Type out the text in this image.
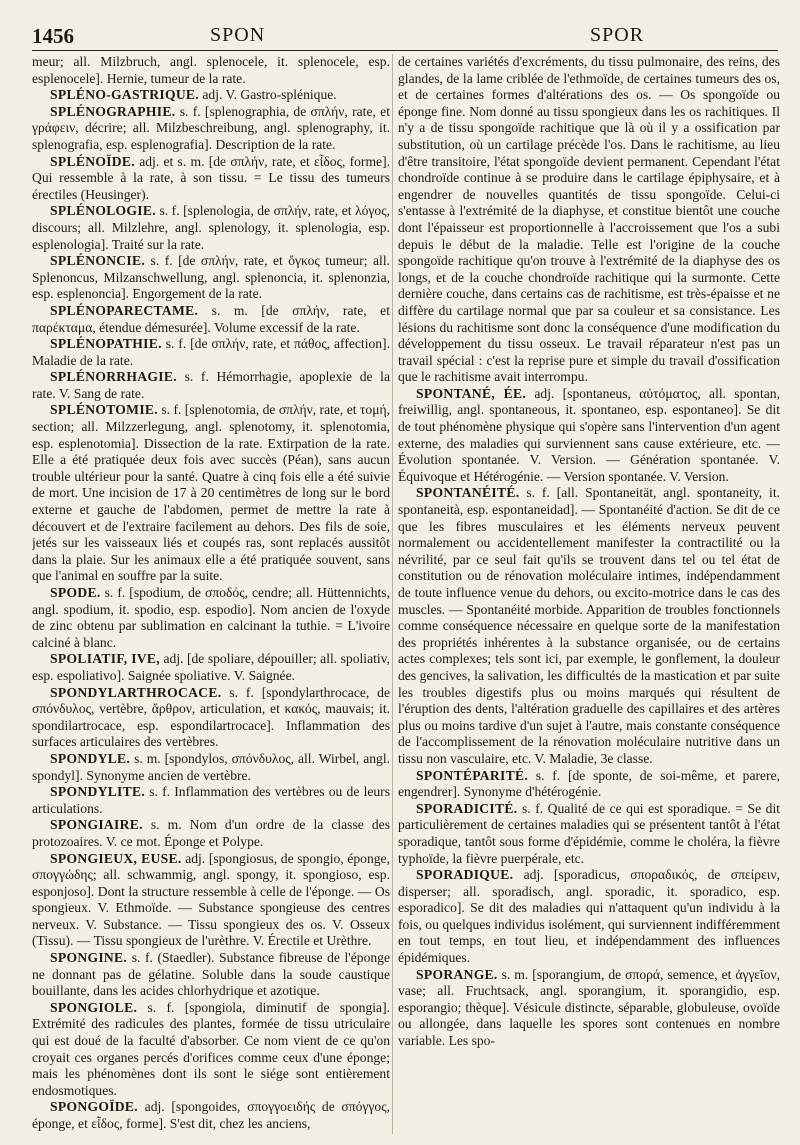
1456	SPON	SPOR

meur; all. Milzbruch, angl. splenocele, it. splenocele, esp. esplenocele]. Hernie, tumeur de la rate.

SPLÉNO-GASTRIQUE. adj. V. Gastro-splénique.

SPLÉNOGRAPHIE. s. f. [splenographia, de σπλήν, rate, et γράφειν, décrire; all. Milzbeschreibung, angl. splenography, it. splenografia, esp. esplenografia]. Description de la rate.

SPLÉNOÏDE. adj. et s. m. [de σπλήν, rate, et εἶδος, forme]. Qui ressemble à la rate, à son tissu. = Le tissu des tumeurs érectiles (Heusinger).

SPLÉNOLOGIE. s. f. [splenologia, de σπλήν, rate, et λόγος, discours; all. Milzlehre, angl. splenology, it. splenologia, esp. esplenologia]. Traité sur la rate.

SPLÉNONCIE. s. f. [de σπλήν, rate, et ὄγκος tumeur; all. Splenoncus, Milzanschwellung, angl. splenoncia, it. splenonzia, esp. esplenoncia]. Engorgement de la rate.

SPLÉNOPARECTAME. s. m. [de σπλήν, rate, et παρέκταμα, étendue démesurée]. Volume excessif de la rate.

SPLÉNOPATHIE. s. f. [de σπλήν, rate, et πάθος, affection]. Maladie de la rate.

SPLÉNORRHAGIE. s. f. Hémorrhagie, apoplexie de la rate. V. Sang de rate.

SPLÉNOTOMIE. s. f. [splenotomia, de σπλήν, rate, et τομή, section; all. Milzzerlegung, angl. splenotomy, it. splenotomia, esp. esplenotomia]. Dissection de la rate. Extirpation de la rate. Elle a été pratiquée deux fois avec succès (Péan), sans aucun trouble ultérieur pour la santé. Quatre à cinq fois elle a été suivie de mort. Une incision de 17 à 20 centimètres de long sur le bord externe et gauche de l'abdomen, permet de mettre la rate à découvert et de l'extraire facilement au dehors. Des fils de soie, jetés sur les vaisseaux liés et coupés ras, sont replacés aussitôt dans la plaie. Sur les animaux elle a été pratiquée souvent, sans que l'animal en souffre par la suite.

SPODE. s. f. [spodium, de σποδός, cendre; all. Hüttennichts, angl. spodium, it. spodio, esp. espodio]. Nom ancien de l'oxyde de zinc obtenu par sublimation en calcinant la tuthie. = L'ivoire calciné à blanc.

SPOLIATIF, IVE, adj. [de spoliare, dépouiller; all. spoliativ, esp. espoliativo]. Saignée spoliative. V. Saignée.

SPONDYLARTHROCACE. s. f. [spondylarthrocace, de σπόνδυλος, vertèbre, ἄρθρον, articulation, et κακός, mauvais; it. spondilartrocace, esp. espondilartrocace]. Inflammation des surfaces articulaires des vertèbres.

SPONDYLE. s. m. [spondylos, σπόνδυλος, all. Wirbel, angl. spondyl]. Synonyme ancien de vertèbre.

SPONDYLITE. s. f. Inflammation des vertèbres ou de leurs articulations.

SPONGIAIRE. s. m. Nom d'un ordre de la classe des protozoaires. V. ce mot. Éponge et Polype.

SPONGIEUX, EUSE. adj. [spongiosus, de spongio, éponge, σπογγώδης; all. schwammig, angl. spongy, it. spongioso, esp. esponjoso]. Dont la structure ressemble à celle de l'éponge. — Os spongieux. V. Ethmoïde. — Substance spongieuse des centres nerveux. V. Substance. — Tissu spongieux des os. V. Osseux (Tissu). — Tissu spongieux de l'urèthre. V. Érectile et Urèthre.

SPONGINE. s. f. (Staedler). Substance fibreuse de l'éponge ne donnant pas de gélatine. Soluble dans la soude caustique bouillante, dans les acides chlorhydrique et azotique.

SPONGIOLE. s. f. [spongiola, diminutif de spongia]. Extrémité des radicules des plantes, formée de tissu utriculaire qui est doué de la faculté d'absorber. Ce nom vient de ce qu'on croyait ces organes percés d'orifices comme ceux d'une éponge; mais les phénomènes dont ils sont le siége sont entièrement endosmotiques.

SPONGOÏDE. adj. [spongoides, σπογγοειδής de σπόγγος, éponge, et εἶδος, forme]. S'est dit, chez les anciens,

de certaines variétés d'excréments, du tissu pulmonaire, des reins, des glandes, de la lame criblée de l'ethmoïde, de certaines tumeurs des os, et de certaines formes d'altérations des os. — Os spongoïde ou éponge fine. Nom donné au tissu spongieux dans les os rachitiques. Il n'y a de tissu spongoïde rachitique que là où il y a ossification par substitution, où un cartilage précède l'os. Dans le rachitisme, au lieu d'être transitoire, l'état spongoïde devient permanent. Cependant l'état chondroïde continue à se produire dans le cartilage épiphysaire, et à engendrer de nouvelles quantités de tissu spongoïde. Celui-ci s'entasse à l'extrémité de la diaphyse, et constitue bientôt une couche dont l'épaisseur est proportionnelle à l'accroissement que l'os a subi depuis le début de la maladie. Telle est l'origine de la couche spongoïde rachitique qu'on trouve à l'extrémité de la diaphyse des os longs, et de la couche chondroïde rachitique qui la surmonte. Cette dernière couche, dans certains cas de rachitisme, est très-épaisse et ne diffère du cartilage normal que par sa couleur et sa consistance. Les lésions du rachitisme sont donc la conséquence d'une modification du développement du tissu osseux. Le travail réparateur n'est pas un travail spécial : c'est la reprise pure et simple du travail d'ossification que le rachitisme avait interrompu.

SPONTANÉ, ÉE. adj. [spontaneus, αὐτόματος, all. spontan, freiwillig, angl. spontaneous, it. spontaneo, esp. espontaneo]. Se dit de tout phénomène physique qui s'opère sans l'intervention d'un agent externe, des maladies qui surviennent sans cause extérieure, etc. — Évolution spontanée. V. Version. — Génération spontanée. V. Équivoque et Hétérogénie. — Version spontanée. V. Version.

SPONTANÉITÉ. s. f. [all. Spontaneität, angl. spontaneity, it. spontaneità, esp. espontaneidad]. — Spontanéité d'action. Se dit de ce que les fibres musculaires et les éléments nerveux peuvent normalement ou accidentellement manifester la contractilité ou la névrilité, par ce seul fait qu'ils se trouvent dans tel ou tel état de constitution ou de rénovation moléculaire intimes, indépendamment de toute influence venue du dehors, ou excito-motrice dans le cas des muscles. — Spontanéité morbide. Apparition de troubles fonctionnels comme conséquence nécessaire en quelque sorte de la manifestation des propriétés inhérentes à la substance organisée, ou de certains actes complexes; tels sont ici, par exemple, le gonflement, la douleur des gencives, la salivation, les difficultés de la mastication et par suite les troubles digestifs plus ou moins marqués qui résultent de l'éruption des dents, l'altération graduelle des capillaires et des artères plus ou moins tardive d'un sujet à l'autre, mais constante conséquence de l'accomplissement de la rénovation moléculaire nutritive dans un tissu non vasculaire, etc. V. Maladie, 3e classe.

SPONTÉPARITÉ. s. f. [de sponte, de soi-même, et parere, engendrer]. Synonyme d'hétérogénie.

SPORADICITÉ. s. f. Qualité de ce qui est sporadique. = Se dit particulièrement de certaines maladies qui se présentent tantôt à l'état sporadique, tantôt sous forme d'épidémie, comme le choléra, la fièvre typhoïde, la fièvre puerpérale, etc.

SPORADIQUE. adj. [sporadicus, σποραδικός, de σπείρειν, disperser; all. sporadisch, angl. sporadic, it. sporadico, esp. esporadico]. Se dit des maladies qui n'attaquent qu'un individu à la fois, ou quelques individus isolément, qui surviennent indifféremment en tout temps, en tout lieu, et indépendamment des influences épidémiques.

SPORANGE. s. m. [sporangium, de σπορά, semence, et ἀγγεῖον, vase; all. Fruchtsack, angl. sporangium, it. sporangidio, esp. esporangio; thèque]. Vésicule distincte, séparable, globuleuse, ovoïde ou allongée, dans laquelle les spores sont contenues en nombre variable. Les spo-
